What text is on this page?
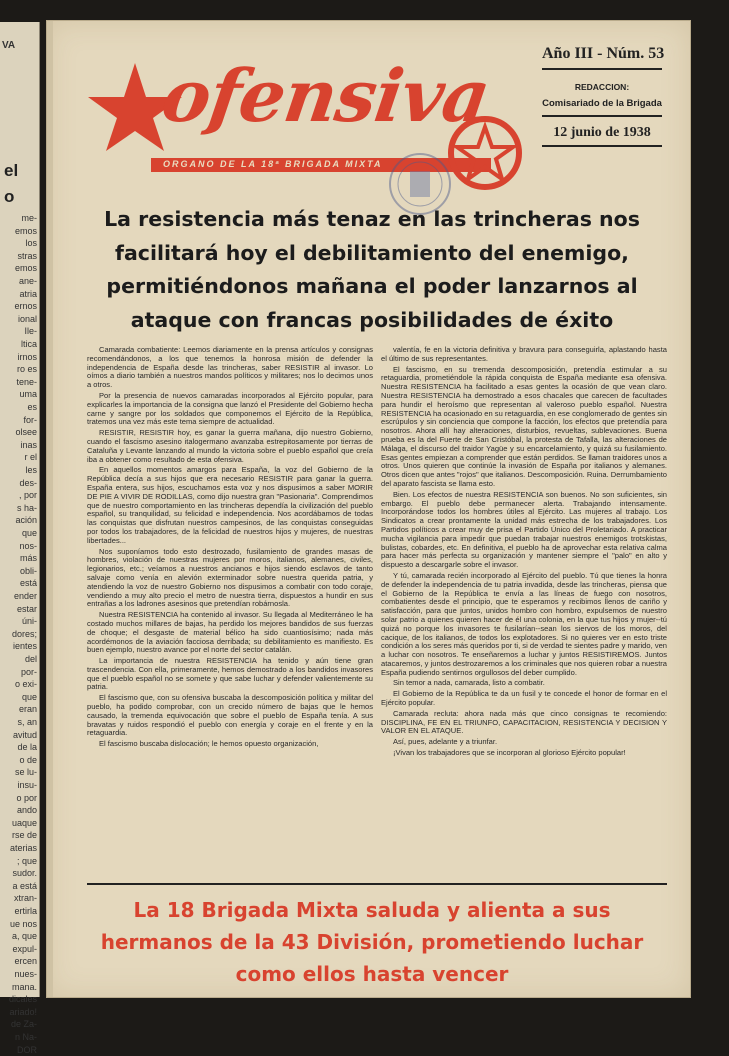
VA
el
o
me-
emos
los
stras
emos
ane-
atria
ernos
ional
Ile-
ltica
irnos
ro es
tene-
uma
es
for-
olsee
inas
r el
les
des-
, por
s ha-
ación
que
nos-
más
obli-
está
ender
estar
úni-
dores;
ientes
del
por-
o exi-
que
eran
s, an
avitud
de la
o de
se lu-
insu-
o por
ando
uaque
rse de
aterias
; que
sudor.
a está
xtran-
ertirla
ue nos
a, que
expul-
ercen
nues-
mana.
dicales
ariado!
de Za-
n Na-
DOR
ofensiva
ORGANO DE LA 18ª BRIGADA MIXTA
Año III - Núm. 53
REDACCION:
Comisariado de la Brigada
12 junio de 1938
La resistencia más tenaz en las trincheras nos facilitará hoy el debilitamiento del enemigo, permitiéndonos mañana el poder lanzarnos al ataque con francas posibilidades de éxito

Camarada combatiente: Leemos diariamente en la prensa artículos y consignas recomendándonos, a los que tenemos la honrosa misión de defender la independencia de España desde las trincheras, saber RESISTIR al invasor. Lo oímos a diario también a nuestros mandos políticos y militares; nos lo decimos unos a otros.

Por la presencia de nuevos camaradas incorporados al Ejército popular, para explicarles la importancia de la consigna que lanzó el Presidente del Gobierno hecha carne y sangre por los soldados que componemos el Ejército de la República, tratemos una vez más este tema siempre de actualidad.

RESISTIR, RESISTIR hoy, es ganar la guerra mañana, dijo nuestro Gobierno, cuando el fascismo asesino italogermano avanzaba estrepitosamente por tierras de Cataluña y Levante lanzando al mundo la victoria sobre el pueblo español que creía iba a obtener como resultado de esta ofensiva.

En aquellos momentos amargos para España, la voz del Gobierno de la República decía a sus hijos que era necesario RESISTIR para ganar la guerra. España entera, sus hijos, escuchamos esta voz y nos dispusimos a saber MORIR DE PIE A VIVIR DE RODILLAS, como dijo nuestra gran "Pasionaria". Comprendimos que de nuestro comportamiento en las trincheras dependía la civilización del pueblo español, su tranquilidad, su felicidad e independencia. Nos acordábamos de todas las conquistas que disfrutan nuestros campesinos, de las conquistas conseguidas por todos los trabajadores, de la felicidad de nuestros hijos y mujeres, de nuestras libertades...

Nos suponíamos todo esto destrozado, fusilamiento de grandes masas de hombres, violación de nuestras mujeres por moros, italianos, alemanes, civiles, legionarios, etc.; veíamos a nuestros ancianos e hijos siendo esclavos de tanto salvaje como venía en alevión exterminador sobre nuestra querida patria, y atendiendo la voz de nuestro Gobierno nos dispusimos a combatir con todo coraje, vendiendo a muy alto precio el metro de nuestra tierra, dispuestos a hundir en sus entrañas a los ladrones asesinos que pretendían robárnosla.

Nuestra RESISTENCIA ha contenido al invasor. Su llegada al Mediterráneo le ha costado muchos millares de bajas, ha perdido los mejores bandidos de sus fuerzas de choque; el desgaste de material bélico ha sido cuantiosísimo; nada más acordémonos de la aviación facciosa derribada; su debilitamiento es manifiesto. Es buen ejemplo, nuestro avance por el norte del sector catalán.

La importancia de nuestra RESISTENCIA ha tenido y aún tiene gran trascendencia. Con ella, primeramente, hemos demostrado a los bandidos invasores que el pueblo español no se somete y que sabe luchar y defender valientemente su patria.

El fascismo que, con su ofensiva buscaba la descomposición política y militar del pueblo, ha podido comprobar, con un crecido número de bajas que le hemos causado, la tremenda equivocación que sobre el pueblo de España tenía. A sus bravatas y ruidos respondió el pueblo con energía y coraje en el frente y en la retaguardia.

El fascismo buscaba dislocación; le hemos opuesto organización,

valentía, fe en la victoria definitiva y bravura para conseguirla, aplastando hasta el último de sus representantes.

El fascismo, en su tremenda descomposición, pretendía estimular a su retaguardia, prometiéndole la rápida conquista de España mediante esa ofensiva. Nuestra RESISTENCIA ha facilitado a esas gentes la ocasión de que vean claro. Nuestra RESISTENCIA ha demostrado a esos chacales que carecen de facultades para hundir el heroísmo que representan al valeroso pueblo español. Nuestra RESISTENCIA ha ocasionado en su retaguardia, en ese conglomerado de gentes sin escrúpulos y sin conciencia que compone la facción, los efectos que pretendía para nosotros. Ahora allí hay alteraciones, disturbios, revueltas, sublevaciones. Buena prueba es la del Fuerte de San Cristóbal, la protesta de Tafalla, las alteraciones de Málaga, el discurso del traidor Yagüe y su encarcelamiento, y quizá su fusilamiento. Esas gentes empiezan a comprender que están perdidos. Se llaman traidores unos a otros. Unos quieren que continúe la invasión de España por italianos y alemanes. Otros dicen que antes "rojos" que italianos. Descomposición. Ruina. Derrumbamiento del aparato fascista se llama esto.

Bien. Los efectos de nuestra RESISTENCIA son buenos. No son suficientes, sin embargo. El pueblo debe permanecer alerta. Trabajando intensamente. Incorporándose todos los hombres útiles al Ejército. Las mujeres al trabajo. Los Sindicatos a crear prontamente la unidad más estrecha de los trabajadores. Los Partidos políticos a crear muy de prisa el Partido Único del Proletariado. A practicar mucha vigilancia para impedir que puedan trabajar nuestros enemigos trotskistas, bulistas, cobardes, etc. En definitiva, el pueblo ha de aprovechar esta relativa calma para hacer más perfecta su organización y mantener siempre el "palo" en alto y dispuesto a descargarle sobre el invasor.

Y tú, camarada recién incorporado al Ejército del pueblo. Tú que tienes la honra de defender la independencia de tu patria invadida, desde las trincheras, piensa que el Gobierno de la República te envía a las líneas de fuego con nosotros, combatientes desde el principio, que te esperamos y recibimos llenos de cariño y satisfacción, para que juntos, unidos hombro con hombro, expulsemos de nuestro solar patrio a quienes quieren hacer de él una colonia, en la que tus hijos y mujer--tú quizá no porque los invasores te fusilarían--sean los siervos de los moros, del cacique, de los italianos, de todos los explotadores. Si no quieres ver en esto triste condición a los seres más queridos por ti, si de verdad te sientes padre y marido, ven a luchar con nosotros. Te enseñaremos a luchar y juntos RESISTIREMOS. Juntos atacaremos, y juntos destrozaremos a los criminales que nos quieren robar a nuestra España pudiendo sentirnos orgullosos del deber cumplido.

Sin temor a nada, camarada, listo a combatir.

El Gobierno de la República te da un fusil y te concede el honor de formar en el Ejército popular.

Camarada recluta: ahora nada más que cinco consignas te recomiendo: DISCIPLINA, FE EN EL TRIUNFO, CAPACITACION, RESISTENCIA Y DECISION Y VALOR EN EL ATAQUE.

Así, pues, adelante y a triunfar.

¡Vivan los trabajadores que se incorporan al glorioso Ejército popular!

La 18 Brigada Mixta saluda y alienta a sus hermanos de la 43 División, prometiendo luchar como ellos hasta vencer
